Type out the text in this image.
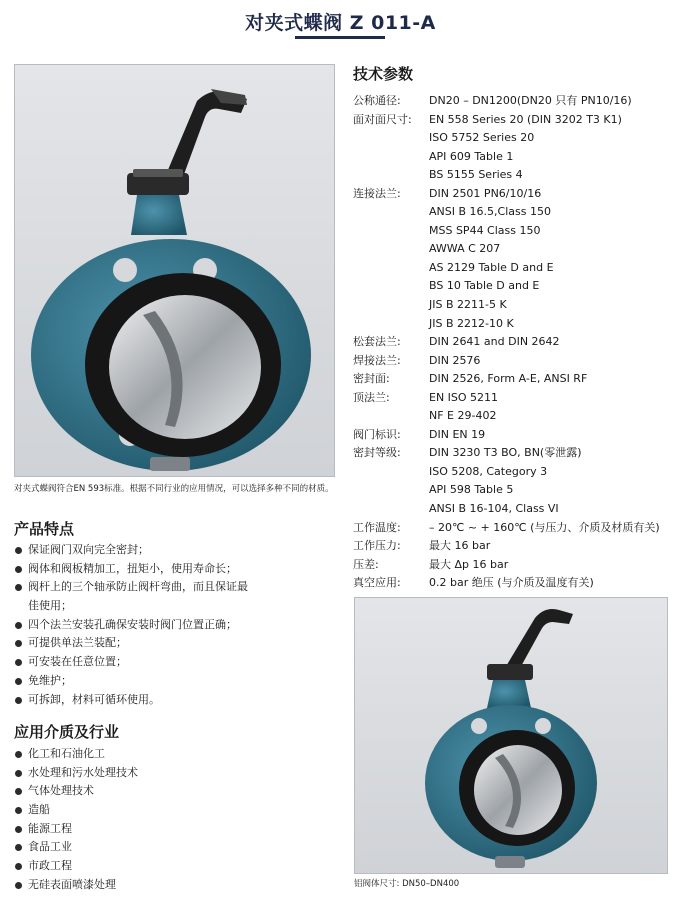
对夹式蝶阀 Z 011-A
对夹式蝶阀符合EN 593标准。根据不同行业的应用情况，可以选择多种不同的材质。
产品特点
保证阀门双向完全密封；
阀体和阀板精加工，扭矩小，使用寿命长；
阀杆上的三个轴承防止阀杆弯曲，而且保证最
佳使用；
四个法兰安装孔确保安装时阀门位置正确；
可提供单法兰装配；
可安装在任意位置；
免维护；
可拆卸，材料可循环使用。
应用介质及行业
化工和石油化工
水处理和污水处理技术
气体处理技术
造船
能源工程
食品工业
市政工程
无硅表面喷漆处理
技术参数
公称通径:	DN20 – DN1200(DN20 只有 PN10/16)
面对面尺寸:	EN 558 Series 20 (DIN 3202 T3 K1)
ISO 5752 Series 20
API 609 Table 1
BS 5155 Series 4
连接法兰:	DIN 2501 PN6/10/16
ANSI B 16.5,Class 150
MSS SP44 Class 150
AWWA C 207
AS 2129 Table D and E
BS 10 Table D and E
JIS B 2211-5 K
JIS B 2212-10 K
松套法兰:	DIN 2641 and DIN 2642
焊接法兰:	DIN 2576
密封面:	DIN 2526, Form A-E, ANSI RF
顶法兰:	EN ISO 5211
NF E 29-402
阀门标识:	DIN EN 19
密封等级:	DIN 3230 T3 BO, BN(零泄露)
ISO 5208, Category 3
API 598 Table 5
ANSI B 16-104, Class VI
工作温度:	– 20℃ ~ + 160℃ (与压力、介质及材质有关)
工作压力:	最大 16 bar
压差:	最大 Δp 16 bar
真空应用:	0.2 bar 绝压 (与介质及温度有关)
铝阀体尺寸: DN50–DN400
